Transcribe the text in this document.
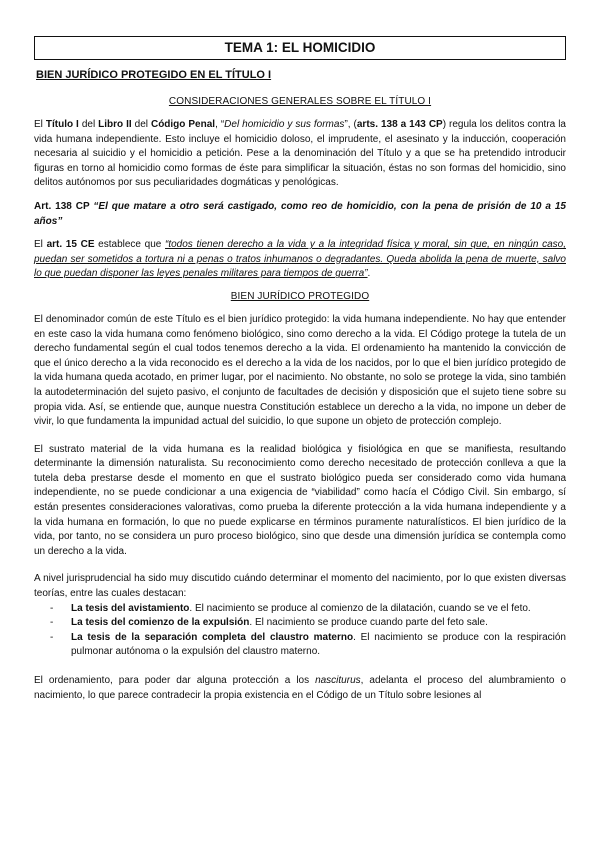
TEMA 1: EL HOMICIDIO
BIEN JURÍDICO PROTEGIDO EN EL TÍTULO I
CONSIDERACIONES GENERALES SOBRE EL TÍTULO I

El Título I del Libro II del Código Penal, “Del homicidio y sus formas”, (arts. 138 a 143 CP) regula los delitos contra la vida humana independiente. Esto incluye el homicidio doloso, el imprudente, el asesinato y la inducción, cooperación necesaria al suicidio y el homicidio a petición. Pese a la denominación del Título y a que se ha pretendido introducir figuras en torno al homicidio como formas de éste para simplificar la situación, éstas no son formas del homicidio, sino delitos autónomos por sus peculiaridades dogmáticas y penológicas.

Art. 138 CP “El que matare a otro será castigado, como reo de homicidio, con la pena de prisión de 10 a 15 años”

El art. 15 CE establece que “todos tienen derecho a la vida y a la integridad física y moral, sin que, en ningún caso, puedan ser sometidos a tortura ni a penas o tratos inhumanos o degradantes. Queda abolida la pena de muerte, salvo lo que puedan disponer las leyes penales militares para tiempos de guerra”.

BIEN JURÍDICO PROTEGIDO

El denominador común de este Título es el bien jurídico protegido: la vida humana independiente. No hay que entender en este caso la vida humana como fenómeno biológico, sino como derecho a la vida. El Código protege la tutela de un derecho fundamental según el cual todos tenemos derecho a la vida. El ordenamiento ha mantenido la convicción de que el único derecho a la vida reconocido es el derecho a la vida de los nacidos, por lo que el bien jurídico protegido de la vida humana queda acotado, en primer lugar, por el nacimiento. No obstante, no solo se protege la vida, sino también la autodeterminación del sujeto pasivo, el conjunto de facultades de decisión y disposición que el sujeto tiene sobre su propia vida. Así, se entiende que, aunque nuestra Constitución establece un derecho a la vida, no impone un deber de vivir, lo que fundamenta la impunidad actual del suicidio, lo que supone un objeto de protección complejo.

El sustrato material de la vida humana es la realidad biológica y fisiológica en que se manifiesta, resultando determinante la dimensión naturalista. Su reconocimiento como derecho necesitado de protección conlleva a que la tutela deba prestarse desde el momento en que el sustrato biológico pueda ser considerado como vida humana independiente, no se puede condicionar a una exigencia de “viabilidad” como hacía el Código Civil. Sin embargo, sí están presentes consideraciones valorativas, como prueba la diferente protección a la vida humana independiente y a la vida humana en formación, lo que no puede explicarse en términos puramente naturalísticos. El bien jurídico de la vida, por tanto, no se considera un puro proceso biológico, sino que desde una dimensión jurídica se contempla como un derecho a la vida.

A nivel jurisprudencial ha sido muy discutido cuándo determinar el momento del nacimiento, por lo que existen diversas teorías, entre las cuales destacan:

- La tesis del avistamiento. El nacimiento se produce al comienzo de la dilatación, cuando se ve el feto.
- La tesis del comienzo de la expulsión. El nacimiento se produce cuando parte del feto sale.
- La tesis de la separación completa del claustro materno. El nacimiento se produce con la respiración pulmonar autónoma o la expulsión del claustro materno.

El ordenamiento, para poder dar alguna protección a los nasciturus, adelanta el proceso del alumbramiento o nacimiento, lo que parece contradecir la propia existencia en el Código de un Título sobre lesiones al
